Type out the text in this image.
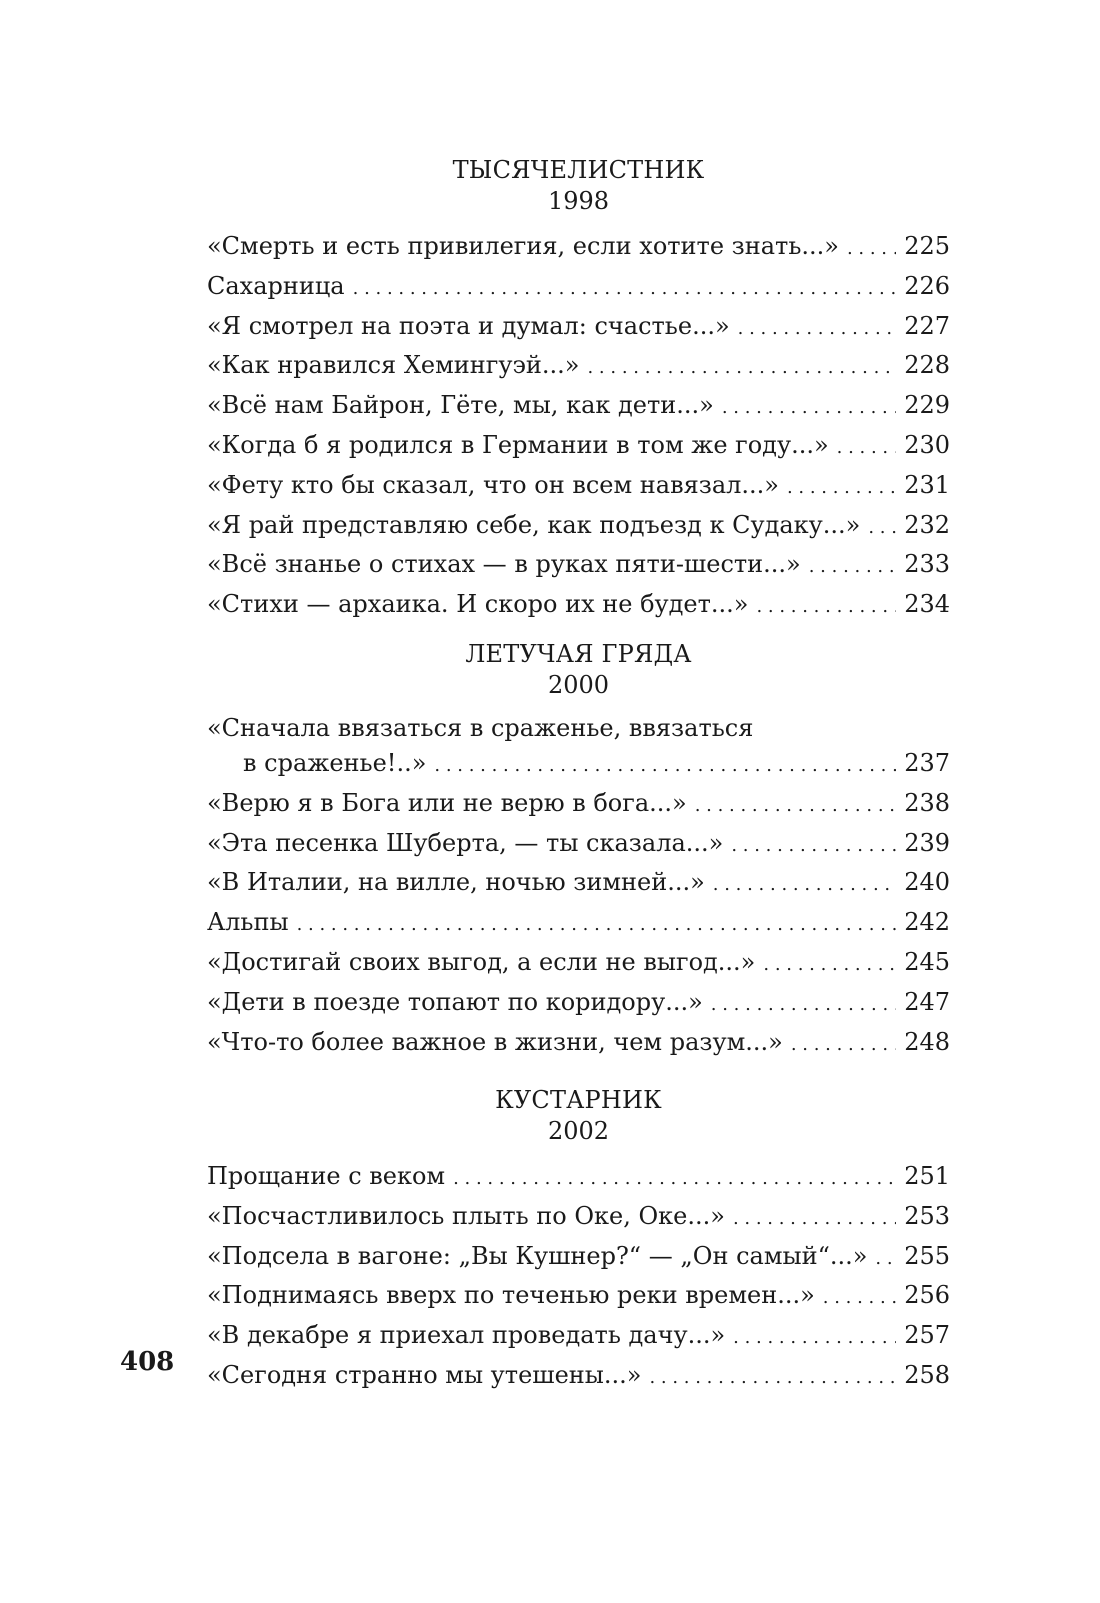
ТЫСЯЧЕЛИСТНИК
1998
«Смерть и есть привилегия, если хотите знать...» . . .	225
Сахарница . . .	226
«Я смотрел на поэта и думал: счастье...» . . .	227
«Как нравился Хемингуэй...» . . .	228
«Всё нам Байрон, Гёте, мы, как дети...» . . .	229
«Когда б я родился в Германии в том же году...» . . .	230
«Фету кто бы сказал, что он всем навязал...» . . .	231
«Я рай представляю себе, как подъезд к Судаку...» . . .	232
«Всё знанье о стихах — в руках пяти-шести...» . . .	233
«Стихи — архаика. И скоро их не будет...» . . .	234
ЛЕТУЧАЯ ГРЯДА
2000
«Сначала ввязаться в сраженье, ввязаться
в сраженье!..» . . .	237
«Верю я в Бога или не верю в бога...» . . .	238
«Эта песенка Шуберта, — ты сказала...» . . .	239
«В Италии, на вилле, ночью зимней...» . . .	240
Альпы . . .	242
«Достигай своих выгод, а если не выгод...» . . .	245
«Дети в поезде топают по коридору...» . . .	247
«Что-то более важное в жизни, чем разум...» . . .	248
КУСТАРНИК
2002
Прощание с веком . . .	251
«Посчастливилось плыть по Оке, Оке...» . . .	253
«Подсела в вагоне: „Вы Кушнер?“ — „Он самый“...» . . .	255
«Поднимаясь вверх по теченью реки времен...» . . .	256
«В декабре я приехал проведать дачу...» . . .	257
«Сегодня странно мы утешены...» . . .	258
408
